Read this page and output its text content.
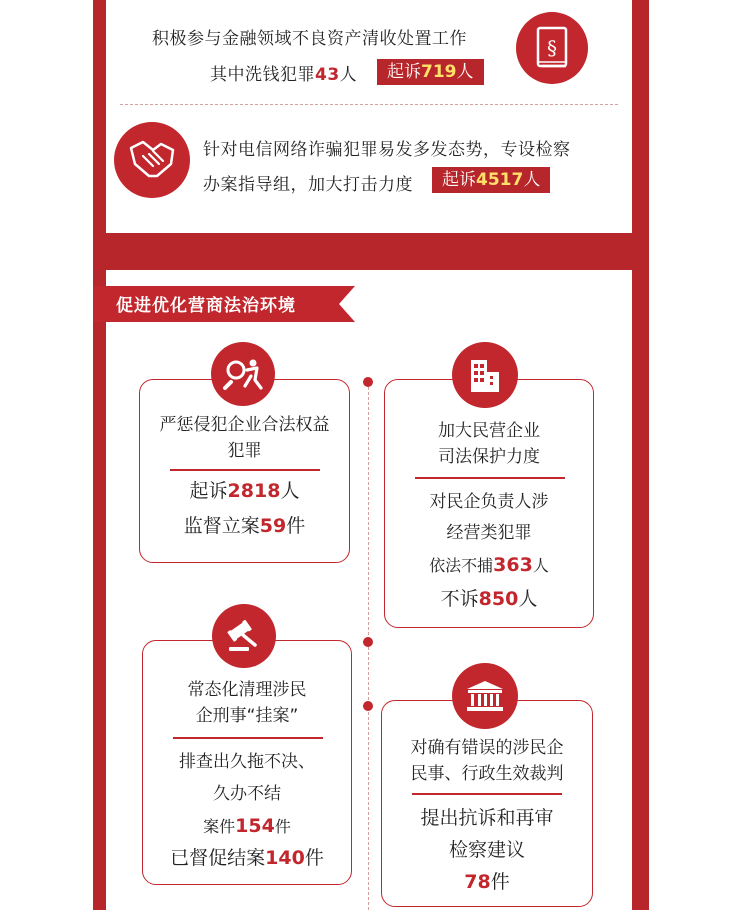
积极参与金融领域不良资产清收处置工作
其中洗钱犯罪43人	起诉719人
§
针对电信网络诈骗犯罪易发多发态势，专设检察
办案指导组，加大打击力度	起诉4517人
促进优化营商法治环境
严惩侵犯企业合法权益
犯罪
起诉2818人
监督立案59件
加大民营企业
司法保护力度
对民企负责人涉
经营类犯罪
依法不捕363人
不诉850人
常态化清理涉民
企刑事“挂案”
排查出久拖不决、
久办不结
案件154件
已督促结案140件
对确有错误的涉民企
民事、行政生效裁判
提出抗诉和再审
检察建议
78件
